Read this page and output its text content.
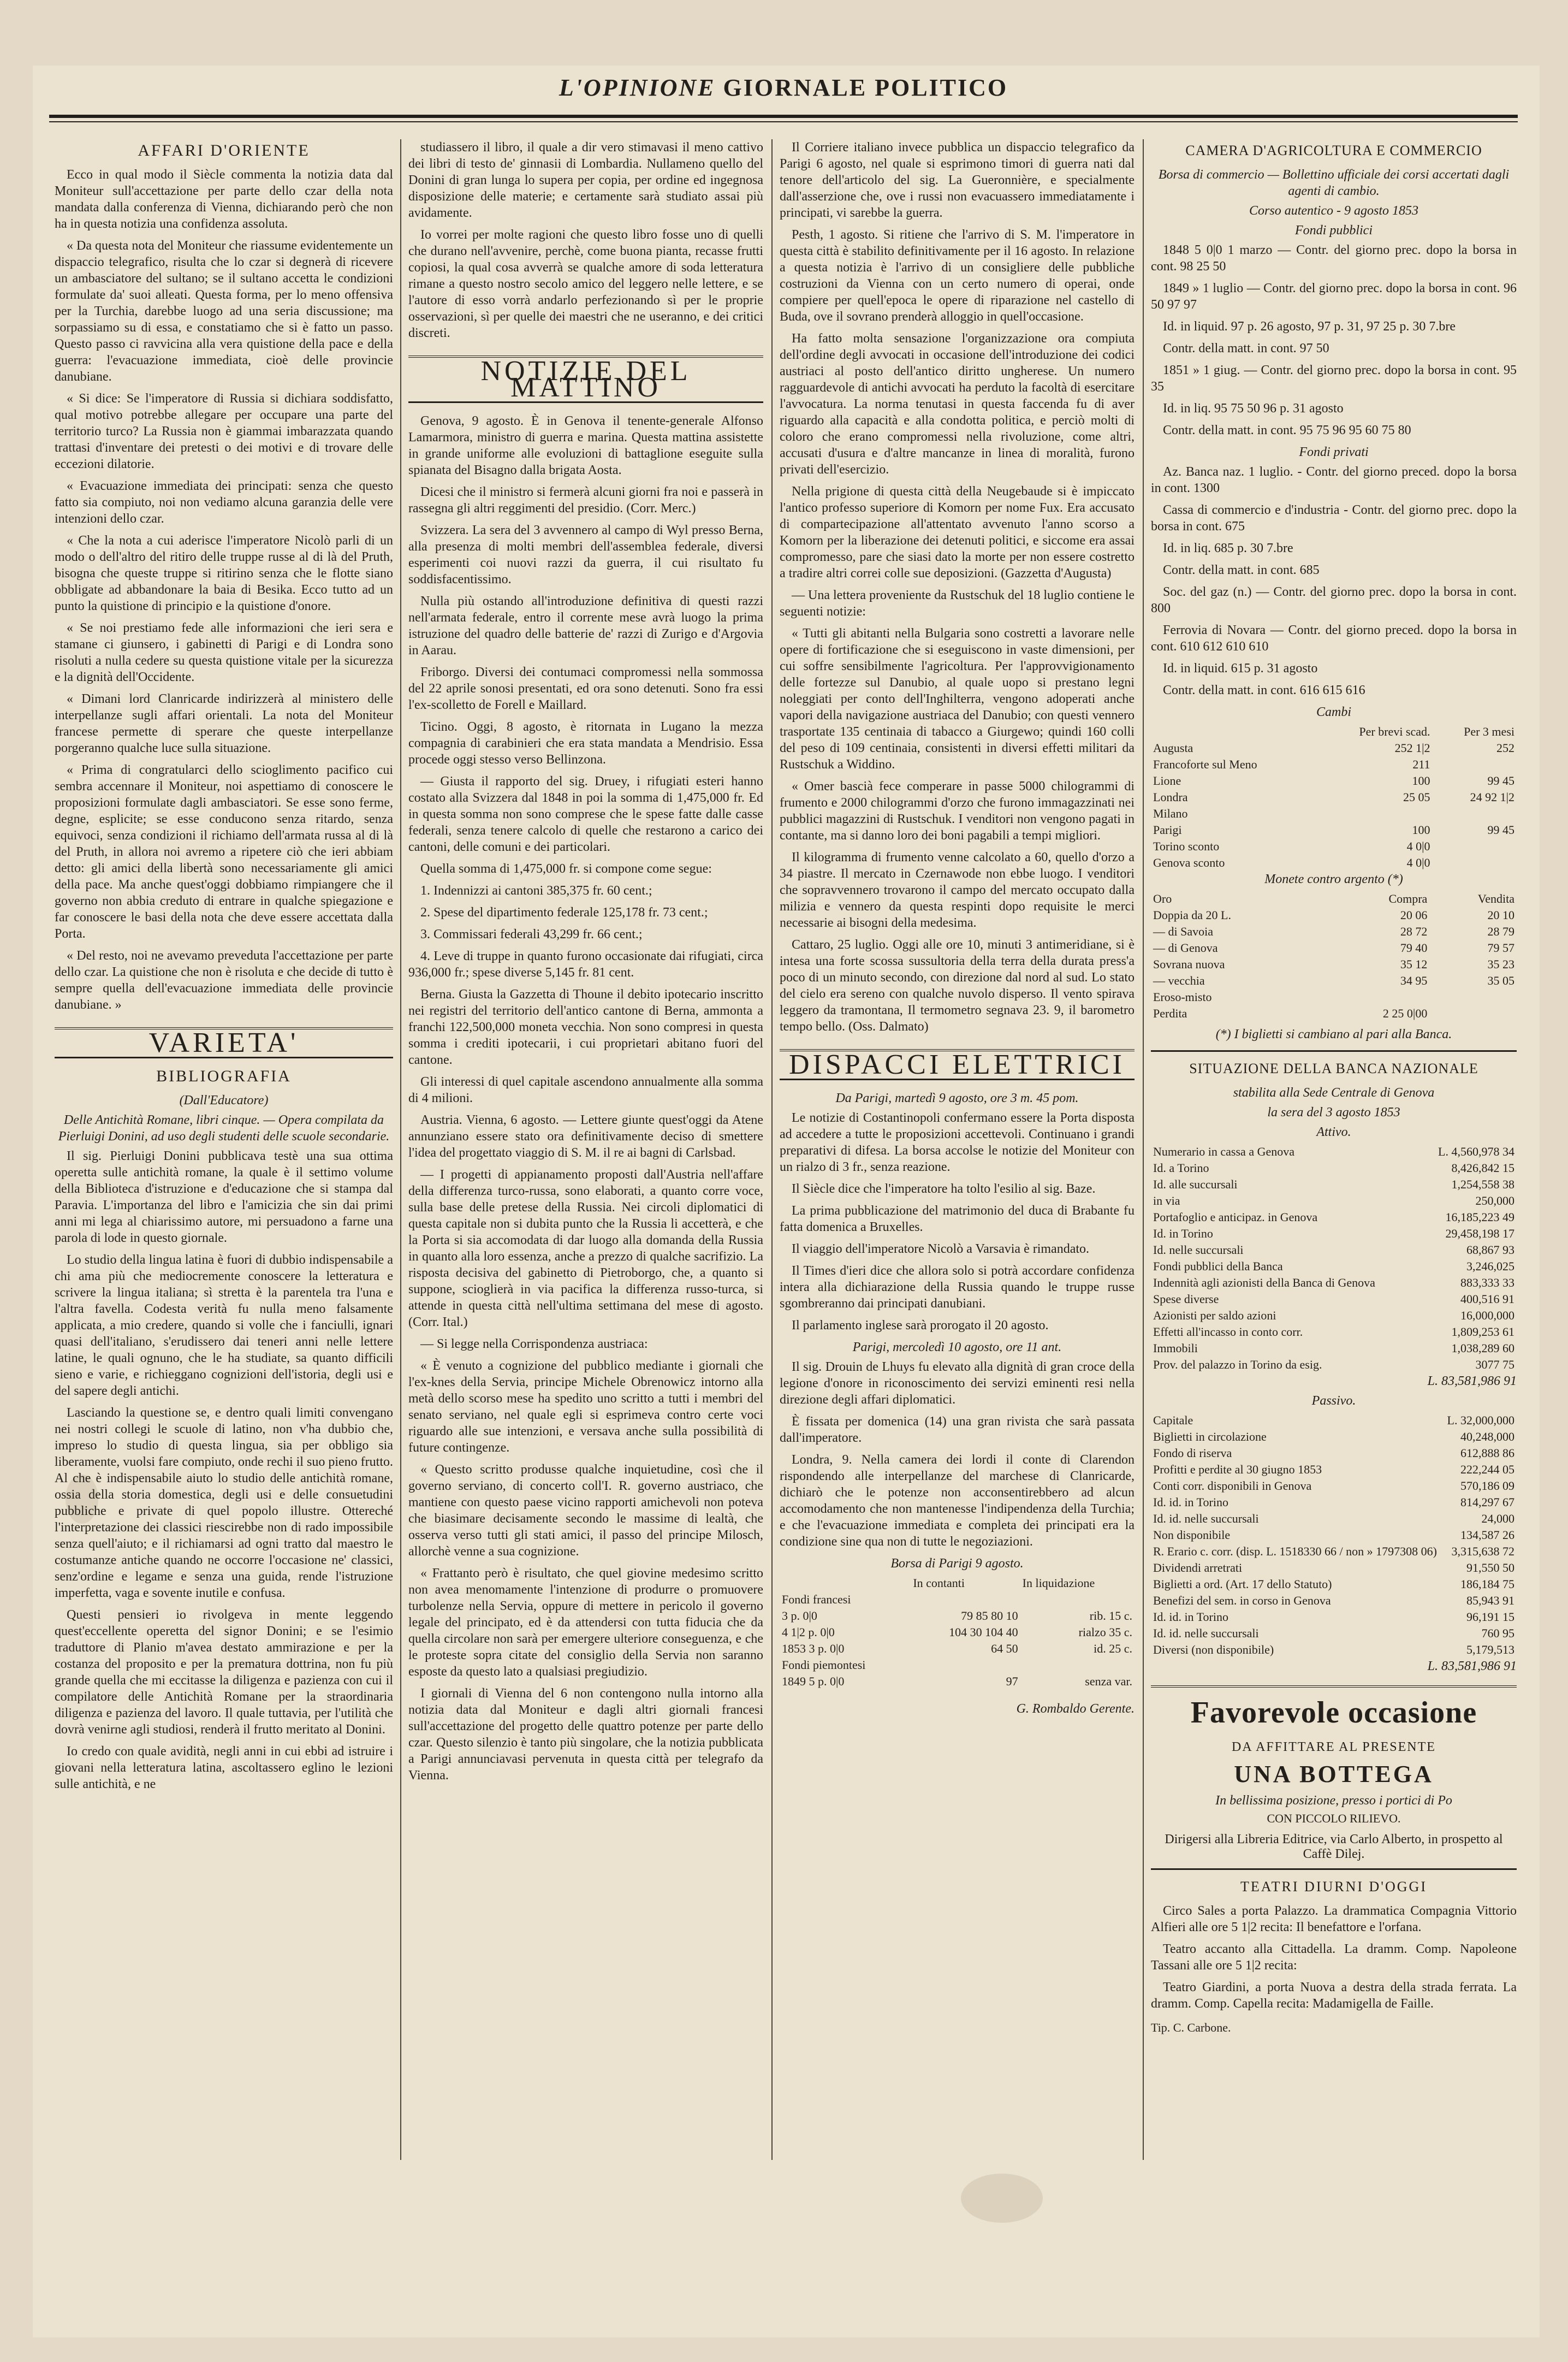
L'OPINIONE GIORNALE POLITICO

AFFARI D'ORIENTE

Ecco in qual modo il Siècle commenta la notizia data dal Moniteur sull'accettazione per parte dello czar della nota mandata dalla conferenza di Vienna, dichiarando però che non ha in questa notizia una confidenza assoluta.

« Da questa nota del Moniteur che riassume evidentemente un dispaccio telegrafico, risulta che lo czar si degnerà di ricevere un ambasciatore del sultano; se il sultano accetta le condizioni formulate da' suoi alleati. Questa forma, per lo meno offensiva per la Turchia, darebbe luogo ad una seria discussione; ma sorpassiamo su di essa, e constatiamo che si è fatto un passo. Questo passo ci ravvicina alla vera quistione della pace e della guerra: l'evacuazione immediata, cioè delle provincie danubiane.

« Si dice: Se l'imperatore di Russia si dichiara soddisfatto, qual motivo potrebbe allegare per occupare una parte del territorio turco? La Russia non è giammai imbarazzata quando trattasi d'inventare dei pretesti o dei motivi e di trovare delle eccezioni dilatorie.

« Evacuazione immediata dei principati: senza che questo fatto sia compiuto, noi non vediamo alcuna garanzia delle vere intenzioni dello czar.

« Che la nota a cui aderisce l'imperatore Nicolò parli di un modo o dell'altro del ritiro delle truppe russe al di là del Pruth, bisogna che queste truppe si ritirino senza che le flotte siano obbligate ad abbandonare la baia di Besika. Ecco tutto ad un punto la quistione di principio e la quistione d'onore.

« Se noi prestiamo fede alle informazioni che ieri sera e stamane ci giunsero, i gabinetti di Parigi e di Londra sono risoluti a nulla cedere su questa quistione vitale per la sicurezza e la dignità dell'Occidente.

« Dimani lord Clanricarde indirizzerà al ministero delle interpellanze sugli affari orientali. La nota del Moniteur francese permette di sperare che queste interpellanze porgeranno qualche luce sulla situazione.

« Prima di congratularci dello scioglimento pacifico cui sembra accennare il Moniteur, noi aspettiamo di conoscere le proposizioni formulate dagli ambasciatori. Se esse sono ferme, degne, esplicite; se esse conducono senza ritardo, senza equivoci, senza condizioni il richiamo dell'armata russa al di là del Pruth, in allora noi avremo a ripetere ciò che ieri abbiam detto: gli amici della libertà sono necessariamente gli amici della pace. Ma anche quest'oggi dobbiamo rimpiangere che il governo non abbia creduto di entrare in qualche spiegazione e far conoscere le basi della nota che deve essere accettata dalla Porta.

« Del resto, noi ne avevamo preveduta l'accettazione per parte dello czar. La quistione che non è risoluta e che decide di tutto è sempre quella dell'evacuazione immediata delle provincie danubiane. »

VARIETA'

BIBLIOGRAFIA

(Dall'Educatore)

Delle Antichità Romane, libri cinque. — Opera compilata da Pierluigi Donini, ad uso degli studenti delle scuole secondarie.

Il sig. Pierluigi Donini pubblicava testè una sua ottima operetta sulle antichità romane, la quale è il settimo volume della Biblioteca d'istruzione e d'educazione che si stampa dal Paravia. L'importanza del libro e l'amicizia che sin dai primi anni mi lega al chiarissimo autore, mi persuadono a farne una parola di lode in questo giornale.

Lo studio della lingua latina è fuori di dubbio indispensabile a chi ama più che mediocremente conoscere la letteratura e scrivere la lingua italiana; sì stretta è la parentela tra l'una e l'altra favella. Codesta verità fu nulla meno falsamente applicata, a mio credere, quando si volle che i fanciulli, ignari quasi dell'italiano, s'erudissero dai teneri anni nelle lettere latine, le quali ognuno, che le ha studiate, sa quanto difficili sieno e varie, e richieggano cognizioni dell'istoria, degli usi e del sapere degli antichi.

Lasciando la questione se, e dentro quali limiti convengano nei nostri collegi le scuole di latino, non v'ha dubbio che, impreso lo studio di questa lingua, sia per obbligo sia liberamente, vuolsi fare compiuto, onde rechi il suo pieno frutto. Al che è indispensabile aiuto lo studio delle antichità romane, ossia della storia domestica, degli usi e delle consuetudini pubbliche e private di quel popolo illustre. Ottereché l'interpretazione dei classici riescirebbe non di rado impossibile senza quell'aiuto; e il richiamarsi ad ogni tratto dal maestro le costumanze antiche quando ne occorre l'occasione ne' classici, senz'ordine e legame e senza una guida, rende l'istruzione imperfetta, vaga e sovente inutile e confusa.

Questi pensieri io rivolgeva in mente leggendo quest'eccellente operetta del signor Donini; e se l'esimio traduttore di Planio m'avea destato ammirazione e per la costanza del proposito e per la prematura dottrina, non fu più grande quella che mi eccitasse la diligenza e pazienza con cui il compilatore delle Antichità Romane per la straordinaria diligenza e pazienza del lavoro. Il quale tuttavia, per l'utilità che dovrà venirne agli studiosi, renderà il frutto meritato al Donini.

Io credo con quale avidità, negli anni in cui ebbi ad istruire i giovani nella letteratura latina, ascoltassero eglino le lezioni sulle antichità, e ne

studiassero il libro, il quale a dir vero stimavasi il meno cattivo dei libri di testo de' ginnasii di Lombardia. Nullameno quello del Donini di gran lunga lo supera per copia, per ordine ed ingegnosa disposizione delle materie; e certamente sarà studiato assai più avidamente.

Io vorrei per molte ragioni che questo libro fosse uno di quelli che durano nell'avvenire, perchè, come buona pianta, recasse frutti copiosi, la qual cosa avverrà se qualche amore di soda letteratura rimane a questo nostro secolo amico del leggero nelle lettere, e se l'autore di esso vorrà andarlo perfezionando sì per le proprie osservazioni, sì per quelle dei maestri che ne useranno, e dei critici discreti.

NOTIZIE DEL MATTINO

Genova, 9 agosto. È in Genova il tenente-generale Alfonso Lamarmora, ministro di guerra e marina. Questa mattina assistette in grande uniforme alle evoluzioni di battaglione eseguite sulla spianata del Bisagno dalla brigata Aosta.

Dicesi che il ministro si fermerà alcuni giorni fra noi e passerà in rassegna gli altri reggimenti del presidio. (Corr. Merc.)

Svizzera. La sera del 3 avvennero al campo di Wyl presso Berna, alla presenza di molti membri dell'assemblea federale, diversi esperimenti coi nuovi razzi da guerra, il cui risultato fu soddisfacentissimo.

Nulla più ostando all'introduzione definitiva di questi razzi nell'armata federale, entro il corrente mese avrà luogo la prima istruzione del quadro delle batterie de' razzi di Zurigo e d'Argovia in Aarau.

Friborgo. Diversi dei contumaci compromessi nella sommossa del 22 aprile sonosi presentati, ed ora sono detenuti. Sono fra essi l'ex-scolletto de Forell e Maillard.

Ticino. Oggi, 8 agosto, è ritornata in Lugano la mezza compagnia di carabinieri che era stata mandata a Mendrisio. Essa procede oggi stesso verso Bellinzona.

— Giusta il rapporto del sig. Druey, i rifugiati esteri hanno costato alla Svizzera dal 1848 in poi la somma di 1,475,000 fr. Ed in questa somma non sono comprese che le spese fatte dalle casse federali, senza tenere calcolo di quelle che restarono a carico dei cantoni, delle comuni e dei particolari.

Quella somma di 1,475,000 fr. si compone come segue:

1. Indennizzi ai cantoni 385,375 fr. 60 cent.;

2. Spese del dipartimento federale 125,178 fr. 73 cent.;

3. Commissari federali 43,299 fr. 66 cent.;

4. Leve di truppe in quanto furono occasionate dai rifugiati, circa 936,000 fr.; spese diverse 5,145 fr. 81 cent.

Berna. Giusta la Gazzetta di Thoune il debito ipotecario inscritto nei registri del territorio dell'antico cantone di Berna, ammonta a franchi 122,500,000 moneta vecchia. Non sono compresi in questa somma i crediti ipotecarii, i cui proprietari abitano fuori del cantone.

Gli interessi di quel capitale ascendono annualmente alla somma di 4 milioni.

Austria. Vienna, 6 agosto. — Lettere giunte quest'oggi da Atene annunziano essere stato ora definitivamente deciso di smettere l'idea del progettato viaggio di S. M. il re ai bagni di Carlsbad.

— I progetti di appianamento proposti dall'Austria nell'affare della differenza turco-russa, sono elaborati, a quanto corre voce, sulla base delle pretese della Russia. Nei circoli diplomatici di questa capitale non si dubita punto che la Russia li accetterà, e che la Porta si sia accomodata di dar luogo alla domanda della Russia in quanto alla loro essenza, anche a prezzo di qualche sacrifizio. La risposta decisiva del gabinetto di Pietroborgo, che, a quanto si suppone, scioglierà in via pacifica la differenza russo-turca, si attende in questa città nell'ultima settimana del mese di agosto. (Corr. Ital.)

— Si legge nella Corrispondenza austriaca:

« È venuto a cognizione del pubblico mediante i giornali che l'ex-knes della Servia, principe Michele Obrenowicz intorno alla metà dello scorso mese ha spedito uno scritto a tutti i membri del senato serviano, nel quale egli si esprimeva contro certe voci riguardo alle sue intenzioni, e versava anche sulla possibilità di future contingenze.

« Questo scritto produsse qualche inquietudine, così che il governo serviano, di concerto coll'I. R. governo austriaco, che mantiene con questo paese vicino rapporti amichevoli non poteva che biasimare decisamente secondo le massime di lealtà, che osserva verso tutti gli stati amici, il passo del principe Milosch, allorchè venne a sua cognizione.

« Frattanto però è risultato, che quel giovine medesimo scritto non avea menomamente l'intenzione di produrre o promuovere turbolenze nella Servia, oppure di mettere in pericolo il governo legale del principato, ed è da attendersi con tutta fiducia che da quella circolare non sarà per emergere ulteriore conseguenza, e che le proteste sopra citate del consiglio della Servia non saranno esposte da questo lato a qualsiasi pregiudizio.

I giornali di Vienna del 6 non contengono nulla intorno alla notizia data dal Moniteur e dagli altri giornali francesi sull'accettazione del progetto delle quattro potenze per parte dello czar. Questo silenzio è tanto più singolare, che la notizia pubblicata a Parigi annunciavasi pervenuta in questa città per telegrafo da Vienna.

Il Corriere italiano invece pubblica un dispaccio telegrafico da Parigi 6 agosto, nel quale si esprimono timori di guerra nati dal tenore dell'articolo del sig. La Gueronnière, e specialmente dall'asserzione che, ove i russi non evacuassero immediatamente i principati, vi sarebbe la guerra.

Pesth, 1 agosto. Si ritiene che l'arrivo di S. M. l'imperatore in questa città è stabilito definitivamente per il 16 agosto. In relazione a questa notizia è l'arrivo di un consigliere delle pubbliche costruzioni da Vienna con un certo numero di operai, onde compiere per quell'epoca le opere di riparazione nel castello di Buda, ove il sovrano prenderà alloggio in quell'occasione.

Ha fatto molta sensazione l'organizzazione ora compiuta dell'ordine degli avvocati in occasione dell'introduzione dei codici austriaci al posto dell'antico diritto ungherese. Un numero ragguardevole di antichi avvocati ha perduto la facoltà di esercitare l'avvocatura. La norma tenutasi in questa faccenda fu di aver riguardo alla capacità e alla condotta politica, e perciò molti di coloro che erano compromessi nella rivoluzione, come altri, accusati d'usura e d'altre mancanze in linea di moralità, furono privati dell'esercizio.

Nella prigione di questa città della Neugebaude si è impiccato l'antico professo superiore di Komorn per nome Fux. Era accusato di compartecipazione all'attentato avvenuto l'anno scorso a Komorn per la liberazione dei detenuti politici, e siccome era assai compromesso, pare che siasi dato la morte per non essere costretto a tradire altri correi colle sue deposizioni. (Gazzetta d'Augusta)

— Una lettera proveniente da Rustschuk del 18 luglio contiene le seguenti notizie:

« Tutti gli abitanti nella Bulgaria sono costretti a lavorare nelle opere di fortificazione che si eseguiscono in vaste dimensioni, per cui soffre sensibilmente l'agricoltura. Per l'approvvigionamento delle fortezze sul Danubio, al quale uopo si prestano legni noleggiati per conto dell'Inghilterra, vengono adoperati anche vapori della navigazione austriaca del Danubio; con questi vennero trasportate 135 centinaia di tabacco a Giurgewo; quindi 160 colli del peso di 109 centinaia, consistenti in diversi effetti militari da Rustschuk a Widdino.

« Omer bascià fece comperare in passe 5000 chilogrammi di frumento e 2000 chilogrammi d'orzo che furono immagazzinati nei pubblici magazzini di Rustschuk. I venditori non vengono pagati in contante, ma si danno loro dei boni pagabili a tempi migliori.

Il kilogramma di frumento venne calcolato a 60, quello d'orzo a 34 piastre. Il mercato in Czernawode non ebbe luogo. I venditori che sopravvennero trovarono il campo del mercato occupato dalla milizia e vennero da questa respinti dopo requisite le merci necessarie ai bisogni della medesima.

Cattaro, 25 luglio. Oggi alle ore 10, minuti 3 antimeridiane, si è intesa una forte scossa sussultoria della terra della durata press'a poco di un minuto secondo, con direzione dal nord al sud. Lo stato del cielo era sereno con qualche nuvolo disperso. Il vento spirava leggero da tramontana, Il termometro segnava 23. 9, il barometro tempo bello. (Oss. Dalmato)

DISPACCI ELETTRICI

Da Parigi, martedì 9 agosto, ore 3 m. 45 pom.

Le notizie di Costantinopoli confermano essere la Porta disposta ad accedere a tutte le proposizioni accettevoli. Continuano i grandi preparativi di difesa. La borsa accolse le notizie del Moniteur con un rialzo di 3 fr., senza reazione.

Il Siècle dice che l'imperatore ha tolto l'esilio al sig. Baze.

La prima pubblicazione del matrimonio del duca di Brabante fu fatta domenica a Bruxelles.

Il viaggio dell'imperatore Nicolò a Varsavia è rimandato.

Il Times d'ieri dice che allora solo si potrà accordare confidenza intera alla dichiarazione della Russia quando le truppe russe sgombreranno dai principati danubiani.

Il parlamento inglese sarà prorogato il 20 agosto.

Parigi, mercoledì 10 agosto, ore 11 ant.

Il sig. Drouin de Lhuys fu elevato alla dignità di gran croce della legione d'onore in riconoscimento dei servizi eminenti resi nella direzione degli affari diplomatici.

È fissata per domenica (14) una gran rivista che sarà passata dall'imperatore.

Londra, 9. Nella camera dei lordi il conte di Clarendon rispondendo alle interpellanze del marchese di Clanricarde, dichiarò che le potenze non acconsentirebbero ad alcun accomodamento che non mantenesse l'indipendenza della Turchia; e che l'evacuazione immediata e completa dei principati era la condizione sine qua non di tutte le negoziazioni.

Borsa di Parigi 9 agosto.

	In contanti	In liquidazione
Fondi francesi		
3 p. 0|0	79 85 80 10	rib. 15 c.
4 1|2 p. 0|0	104 30 104 40	rialzo 35 c.
1853 3 p. 0|0	64 50	id. 25 c.
Fondi piemontesi		
1849 5 p. 0|0	97	senza var.

G. Rombaldo Gerente.

CAMERA D'AGRICOLTURA E COMMERCIO

Borsa di commercio — Bollettino ufficiale dei corsi accertati dagli agenti di cambio.

Corso autentico - 9 agosto 1853

Fondi pubblici

1848 5 0|0 1 marzo — Contr. del giorno prec. dopo la borsa in cont. 98 25 50

1849 » 1 luglio — Contr. del giorno prec. dopo la borsa in cont. 96 50 97 97

Id. in liquid. 97 p. 26 agosto, 97 p. 31, 97 25 p. 30 7.bre

Contr. della matt. in cont. 97 50

1851 » 1 giug. — Contr. del giorno prec. dopo la borsa in cont. 95 35

Id. in liq. 95 75 50 96 p. 31 agosto

Contr. della matt. in cont. 95 75 96 95 60 75 80

Fondi privati

Az. Banca naz. 1 luglio. - Contr. del giorno preced. dopo la borsa in cont. 1300

Cassa di commercio e d'industria - Contr. del giorno prec. dopo la borsa in cont. 675

Id. in liq. 685 p. 30 7.bre

Contr. della matt. in cont. 685

Soc. del gaz (n.) — Contr. del giorno prec. dopo la borsa in cont. 800

Ferrovia di Novara — Contr. del giorno preced. dopo la borsa in cont. 610 612 610 610

Id. in liquid. 615 p. 31 agosto

Contr. della matt. in cont. 616 615 616

Cambi

	Per brevi scad.	Per 3 mesi
Augusta	252 1|2	252
Francoforte sul Meno	211	
Lione	100	99 45
Londra	25 05	24 92 1|2
Milano		
Parigi	100	99 45
Torino sconto	4 0|0	
Genova sconto	4 0|0	

Monete contro argento (*)

Oro	Compra	Vendita
Doppia da 20 L.	20 06	20 10
— di Savoia	28 72	28 79
— di Genova	79 40	79 57
Sovrana nuova	35 12	35 23
— vecchia	34 95	35 05
Eroso-misto		
Perdita	2 25 0|00	

(*) I biglietti si cambiano al pari alla Banca.

SITUAZIONE DELLA BANCA NAZIONALE

stabilita alla Sede Centrale di Genova

la sera del 3 agosto 1853

Attivo.

Numerario in cassa a Genova	L. 4,560,978 34
Id. a Torino	8,426,842 15
Id. alle succursali	1,254,558 38
in via	250,000
Portafoglio e anticipaz. in Genova	16,185,223 49
Id. in Torino	29,458,198 17
Id. nelle succursali	68,867 93
Fondi pubblici della Banca	3,246,025
Indennità agli azionisti della Banca di Genova	883,333 33
Spese diverse	400,516 91
Azionisti per saldo azioni	16,000,000
Effetti all'incasso in conto corr.	1,809,253 61
Immobili	1,038,289 60
Prov. del palazzo in Torino da esig.	3077 75

L. 83,581,986 91

Passivo.

Capitale	L. 32,000,000
Biglietti in circolazione	40,248,000
Fondo di riserva	612,888 86
Profitti e perdite al 30 giugno 1853	222,244 05
Conti corr. disponibili in Genova	570,186 09
Id. id. in Torino	814,297 67
Id. id. nelle succursali	24,000
Non disponibile	134,587 26
R. Erario c. corr. (disp. L. 1518330 66 / non » 1797308 06)	3,315,638 72
Dividendi arretrati	91,550 50
Biglietti a ord. (Art. 17 dello Statuto)	186,184 75
Benefizi del sem. in corso in Genova	85,943 91
Id. id. in Torino	96,191 15
Id. id. nelle succursali	760 95
Diversi (non disponibile)	5,179,513

L. 83,581,986 91

Favorevole occasione
DA AFFITTARE AL PRESENTE
UNA BOTTEGA
In bellissima posizione, presso i portici di Po
CON PICCOLO RILIEVO.
Dirigersi alla Libreria Editrice, via Carlo Alberto, in prospetto al Caffè Dilej.

TEATRI DIURNI D'OGGI

Circo Sales a porta Palazzo. La drammatica Compagnia Vittorio Alfieri alle ore 5 1|2 recita: Il benefattore e l'orfana.

Teatro accanto alla Cittadella. La dramm. Comp. Napoleone Tassani alle ore 5 1|2 recita:

Teatro Giardini, a porta Nuova a destra della strada ferrata. La dramm. Comp. Capella recita: Madamigella de Faille.

Tip. C. Carbone.
